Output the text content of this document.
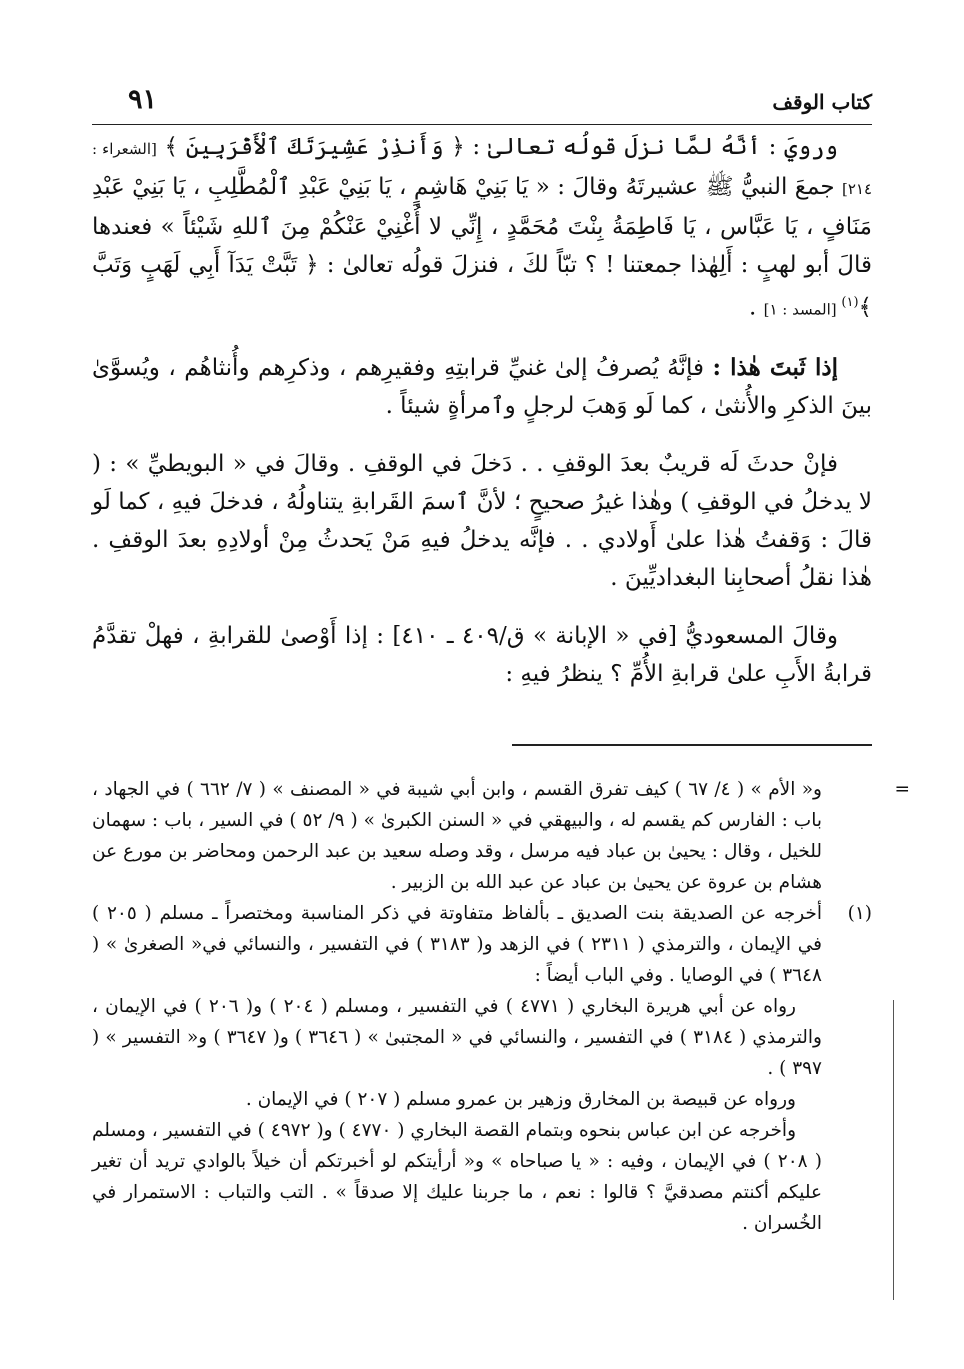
كتاب الوقف
٩١

ورويَ : أنَّهُ لمَّا نزلَ قولُه تعالىٰ : ﴿ وَأَنذِرْ عَشِيرَتَكَ ٱلْأَقْرَبِينَ ﴾ [الشعراء : ٢١٤] جمعَ النبيُّ ﷺ عشيرتَهُ وقالَ : « يَا بَنِيْ هَاشِمٍ ، يَا بَنِيْ عَبْدِ ٱلْمُطَّلِبِ ، يَا بَنِيْ عَبْدِ مَنَافٍ ، يَا عَبَّاس ، يَا فَاطِمَةُ بِنْتَ مُحَمَّدٍ ، إِنِّي لا أُغْنِيْ عَنْكُمْ مِنَ ٱللهِ شَيْئاً » فعندها قالَ أبو لهبٍ : أَلِهٰذا جمعتنا ! ؟ تبّاً لكَ ، فنزلَ قولُه تعالىٰ : ﴿ تَبَّتْ يَدَآ أَبِي لَهَبٍ وَتَبَّ ﴾$^{(١)}$ [المسد : ١] .

إذا ثَبتَ هٰذا : فإنَّهُ يُصرفُ إلىٰ غنيِّ قرابتِهِ وفقيرِهم ، وذكرِهم وأُنثاهُم ، ويُسوَّىٰ بينَ الذكرِ والأُنثىٰ ، كما لَو وَهبَ لرجلٍ وٱمرأةٍ شيئاً .

فإنْ حدثَ لَه قريبٌ بعدَ الوقفِ . . دَخلَ في الوقفِ . وقالَ في « البويطيِّ » : ( لا يدخلُ في الوقفِ ) وهٰذا غيرُ صحيحٍ ؛ لأنَّ ٱسمَ القَرابةِ يتناولُهُ ، فدخلَ فيهِ ، كما لَو قالَ : وَقفتُ هٰذا علىٰ أَولادي . . فإنَّه يدخلُ فيهِ مَنْ يَحدثُ مِنْ أولادِهِ بعدَ الوقفِ . هٰذا نقلُ أصحابِنا البغداديِّينَ .

وقالَ المسعوديُّ [في « الإبانة » ق/٤٠٩ ـ ٤١٠] : إذا أَوْصىٰ للقرابةِ ، فهلْ تقدَّمُ قرابةُ الأَبِ علىٰ قرابةِ الأُمِّ ؟ ينظرُ فيهِ :

=
و« الأم » ( ٤/ ٦٧ ) كيف تفرق القسم ، وابن أبي شيبة في « المصنف » ( ٧/ ٦٦٢ ) في الجهاد ، باب : الفارس كم يقسم له ، والبيهقي في « السنن الكبرىٰ » ( ٩/ ٥٢ ) في السير ، باب : سهمان للخيل ، وقال : يحيىٰ بن عباد فيه مرسل ، وقد وصله سعيد بن عبد الرحمن ومحاضر بن مورع عن هشام بن عروة عن يحيىٰ بن عباد عن عبد الله بن الزبير .
(١)
أخرجه عن الصديقة بنت الصديق ـ بألفاظ متفاوتة في ذكر المناسبة ومختصراً ـ مسلم ( ٢٠٥ ) في الإيمان ، والترمذي ( ٢٣١١ ) في الزهد و( ٣١٨٣ ) في التفسير ، والنسائي في« الصغرىٰ » ( ٣٦٤٨ ) في الوصايا . وفي الباب أيضاً :
رواه عن أبي هريرة البخاري ( ٤٧٧١ ) في التفسير ، ومسلم ( ٢٠٤ ) و( ٢٠٦ ) في الإيمان ، والترمذي ( ٣١٨٤ ) في التفسير ، والنسائي في « المجتبىٰ » ( ٣٦٤٦ ) و( ٣٦٤٧ ) و« التفسير » ( ٣٩٧ ) .
ورواه عن قبيصة بن المخارق وزهير بن عمرو مسلم ( ٢٠٧ ) في الإيمان .
وأخرجه عن ابن عباس بنحوه وبتمام القصة البخاري ( ٤٧٧٠ ) و( ٤٩٧٢ ) في التفسير ، ومسلم ( ٢٠٨ ) في الإيمان ، وفيه : « يا صباحاه » و« أرأيتكم لو أخبرتكم أن خيلاً بالوادي تريد أن تغير عليكم أكنتم مصدقيَّ ؟ قالوا : نعم ، ما جربنا عليك إلا صدقاً » . التب والتباب : الاستمرار في الخُسران .
